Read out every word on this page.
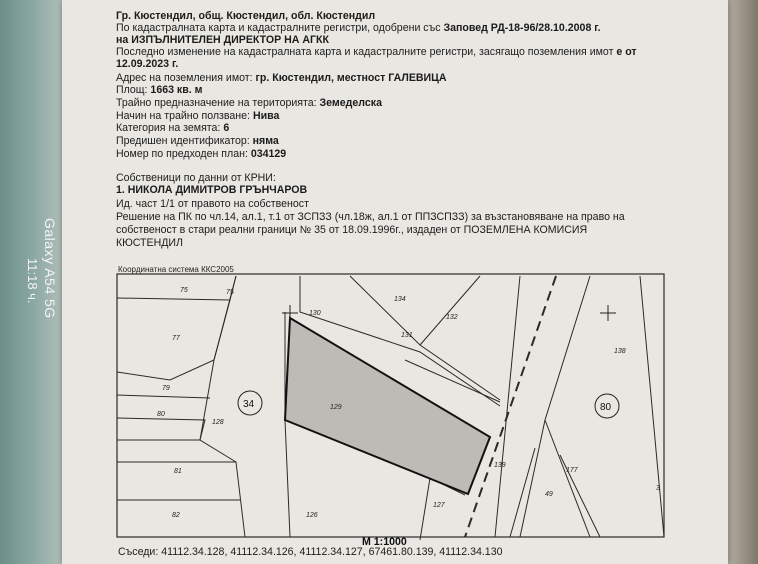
Galaxy A54 5G
11:18 ч.
Гр. Кюстендил, общ. Кюстендил, обл. Кюстендил
По кадастралната карта и кадастралните регистри, одобрени със Заповед РД-18-96/28.10.2008 г.
на ИЗПЪЛНИТЕЛЕН ДИРЕКТОР НА АГКК
Последно изменение на кадастралната карта и кадастралните регистри, засягащо поземления имот е от
12.09.2023 г.
Адрес на поземления имот: гр. Кюстендил, местност ГАЛЕВИЦА
Площ: 1663 кв. м
Трайно предназначение на територията: Земеделска
Начин на трайно ползване: Нива
Категория на земята: 6
Предишен идентификатор: няма
Номер по предходен план: 034129
Собственици по данни от КРНИ:
1. НИКОЛА ДИМИТРОВ ГРЪНЧАРОВ
Ид. част 1/1 от правото на собственост
Решение на ПК по чл.14, ал.1, т.1 от ЗСПЗЗ (чл.18ж, ал.1 от ППЗСПЗЗ) за възстановяване на право на
собственост в стари реални граници № 35 от 18.09.1996г., издаден от ПОЗЕМЛЕНА КОМИСИЯ
КЮСТЕНДИЛ
Координатна система ККС2005
75	75
77
79
80
81
82
128
126
127
129
130
131
132
134
138
139
177
49
3
34	80
М 1:1000
Съседи: 41112.34.128, 41112.34.126, 41112.34.127, 67461.80.139, 41112.34.130
